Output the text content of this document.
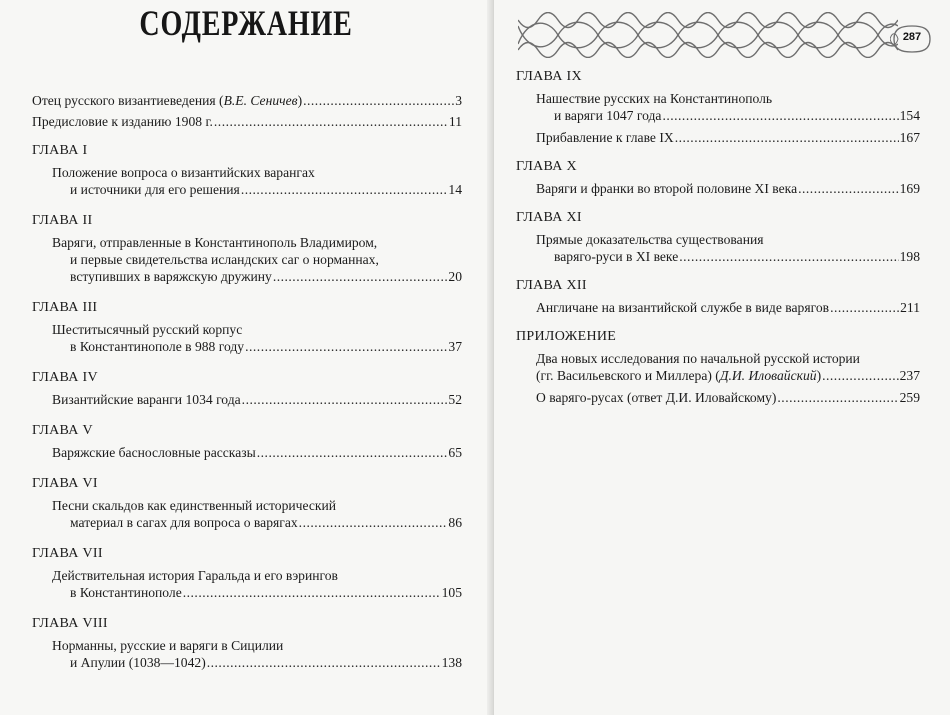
СОДЕРЖАНИЕ
Отец русского византиеведения (В.Е. Сеничев) .....	3
Предисловие к изданию 1908 г. .....	11
ГЛАВА I
Положение вопроса о византийских варангах
и источники для его решения .....	14
ГЛАВА II
Варяги, отправленные в Константинополь Владимиром,
и первые свидетельства исландских саг о норманнах,
вступивших в варяжскую дружину .....	20
ГЛАВА III
Шеститысячный русский корпус
в Константинополе в 988 году .....	37
ГЛАВА IV
Византийские варанги 1034 года .....	52
ГЛАВА V
Варяжские баснословные рассказы .....	65
ГЛАВА VI
Песни скальдов как единственный исторический
материал в сагах для вопроса о варягах .....	86
ГЛАВА VII
Действительная история Гаральда и его вэрингов
в Константинополе .....	105
ГЛАВА VIII
Норманны, русские и варяги в Сицилии
и Апулии (1038—1042) .....	138
287
ГЛАВА IX
Нашествие русских на Константинополь
и варяги 1047 года .....	154
Прибавление к главе IX .....	167
ГЛАВА X
Варяги и франки во второй половине XI века .....	169
ГЛАВА XI
Прямые доказательства существования
варяго-руси в XI веке .....	198
ГЛАВА XII
Англичане на византийской службе в виде варягов .....	211
ПРИЛОЖЕНИЕ
Два новых исследования по начальной русской истории
(гг. Васильевского и Миллера) (Д.И. Иловайский) .....	237
О варяго-русах (ответ Д.И. Иловайскому) .....	259
